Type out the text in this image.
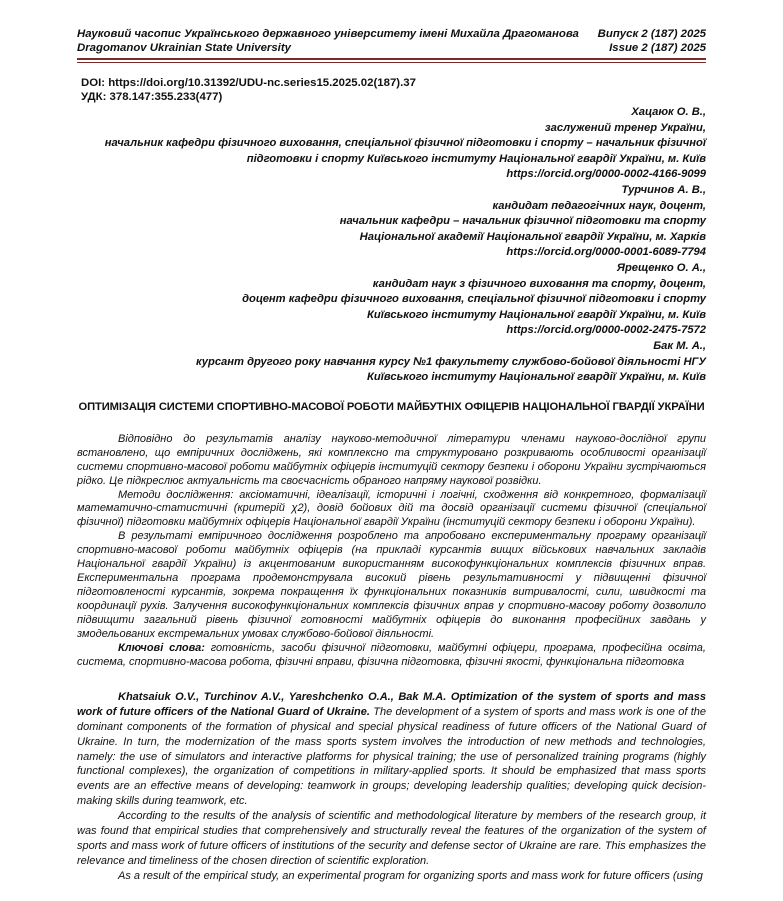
Науковий часопис Українського державного університету імені Михайла Драгоманова
Dragomanov Ukrainian State University
Випуск 2 (187) 2025
Issue 2 (187) 2025
DOI: https://doi.org/10.31392/UDU-nc.series15.2025.02(187).37
УДК: 378.147:355.233(477)
Хацаюк О. В.,
заслужений тренер України,
начальник кафедри фізичного виховання, спеціальної фізичної підготовки і спорту – начальник фізичної
підготовки і спорту Київського інституту Національної гвардії України, м. Київ
https://orcid.org/0000-0002-4166-9099
Турчинов А. В.,
кандидат педагогічних наук, доцент,
начальник кафедри – начальник фізичної підготовки та спорту
Національної академії Національної гвардії України, м. Харків
https://orcid.org/0000-0001-6089-7794
Ярещенко О. А.,
кандидат наук з фізичного виховання та спорту, доцент,
доцент кафедри фізичного виховання, спеціальної фізичної підготовки і спорту
Київського інституту Національної гвардії України, м. Київ
https://orcid.org/0000-0002-2475-7572
Бак М. А.,
курсант другого року навчання курсу №1 факультету службово-бойової діяльності НГУ
Київського інституту Національної гвардії України, м. Київ
ОПТИМІЗАЦІЯ СИСТЕМИ СПОРТИВНО-МАСОВОЇ РОБОТИ МАЙБУТНІХ ОФІЦЕРІВ НАЦІОНАЛЬНОЇ ГВАРДІЇ УКРАЇНИ

Відповідно до результатів аналізу науково-методичної літератури членами науково-дослідної групи встановлено, що емпіричних досліджень, які комплексно та структуровано розкривають особливості організації системи спортивно-масової роботи майбутніх офіцерів інституцій сектору безпеки і оборони України зустрічаються рідко. Це підкреслює актуальність та своєчасність обраного напряму наукової розвідки.

Методи дослідження: аксіоматичні, ідеалізації, історичні і логічні, сходження від конкретного, формалізації математично-статистичні (критерій χ2), довід бойових дій та досвід організації системи фізичної (спеціальної фізичної) підготовки майбутніх офіцерів Національної гвардії України (інституцій сектору безпеки і оборони України).

В результаті емпіричного дослідження розроблено та апробовано експериментальну програму організації спортивно-масової роботи майбутніх офіцерів (на прикладі курсантів вищих військових навчальних закладів Національної гвардії України) із акцентованим використанням високофункціональних комплексів фізичних вправ. Експериментальна програма продемонструвала високий рівень результативності у підвищенні фізичної підготовленості курсантів, зокрема покращення їх функціональних показників витривалості, сили, швидкості та координації рухів. Залучення високофункціональних комплексів фізичних вправ у спортивно-масову роботу дозволило підвищити загальний рівень фізичної готовності майбутніх офіцерів до виконання професійних завдань у змодельованих екстремальних умовах службово-бойової діяльності.

Ключові слова: готовність, засоби фізичної підготовки, майбутні офіцери, програма, професійна освіта, система, спортивно-масова робота, фізичні вправи, фізична підготовка, фізичні якості, функціональна підготовка

Khatsaiuk O.V., Turchinov A.V., Yareshchenko O.A., Bak M.A. Optimization of the system of sports and mass work of future officers of the National Guard of Ukraine. The development of a system of sports and mass work is one of the dominant components of the formation of physical and special physical readiness of future officers of the National Guard of Ukraine. In turn, the modernization of the mass sports system involves the introduction of new methods and technologies, namely: the use of simulators and interactive platforms for physical training; the use of personalized training programs (highly functional complexes), the organization of competitions in military-applied sports. It should be emphasized that mass sports events are an effective means of developing: teamwork in groups; developing leadership qualities; developing quick decision-making skills during teamwork, etc.

According to the results of the analysis of scientific and methodological literature by members of the research group, it was found that empirical studies that comprehensively and structurally reveal the features of the organization of the system of sports and mass work of future officers of institutions of the security and defense sector of Ukraine are rare. This emphasizes the relevance and timeliness of the chosen direction of scientific exploration.

As a result of the empirical study, an experimental program for organizing sports and mass work for future officers (using
